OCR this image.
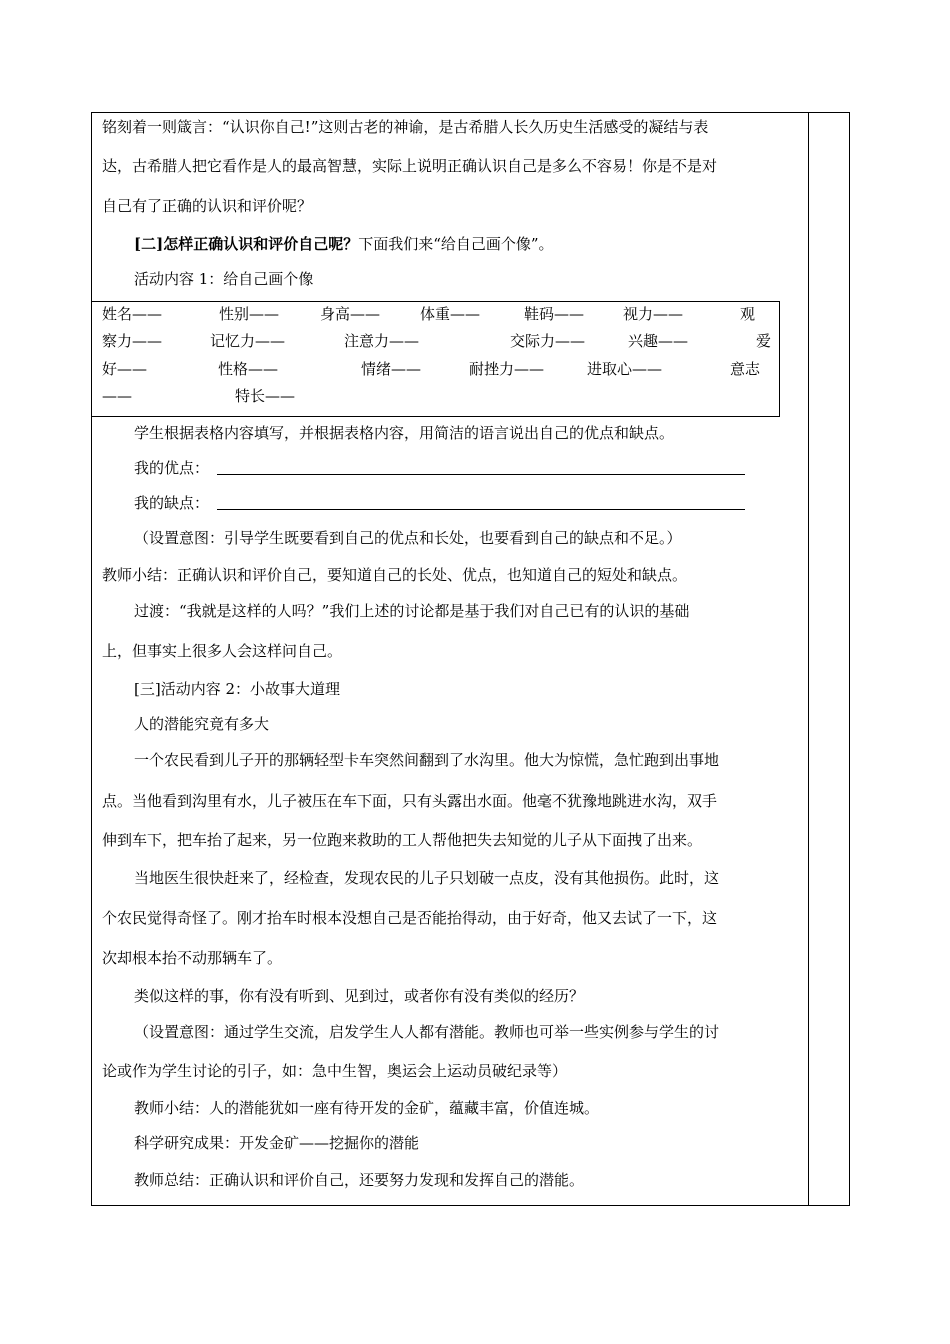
铭刻着一则箴言：“认识你自己!”这则古老的神谕，是古希腊人长久历史生活感受的凝结与表
达，古希腊人把它看作是人的最高智慧，实际上说明正确认识自己是多么不容易！你是不是对
自己有了正确的认识和评价呢？
[二]怎样正确认识和评价自己呢？下面我们来“给自己画个像”。
活动内容 1：给自己画个像
姓名——	性别——	身高——	体重——	鞋码——	视力——	观
察力——	记忆力——	注意力——	交际力——	兴趣——	爱
好——	性格——	情绪——	耐挫力——	进取心——	意志
——	特长——
学生根据表格内容填写，并根据表格内容，用简洁的语言说出自己的优点和缺点。
我的优点：
我的缺点：
（设置意图：引导学生既要看到自己的优点和长处，也要看到自己的缺点和不足。）
教师小结：正确认识和评价自己，要知道自己的长处、优点，也知道自己的短处和缺点。
过渡：“我就是这样的人吗？”我们上述的讨论都是基于我们对自己已有的认识的基础
上，但事实上很多人会这样问自己。
[三]活动内容 2：小故事大道理
人的潜能究竟有多大
一个农民看到儿子开的那辆轻型卡车突然间翻到了水沟里。他大为惊慌，急忙跑到出事地
点。当他看到沟里有水，儿子被压在车下面，只有头露出水面。他毫不犹豫地跳进水沟，双手
伸到车下，把车抬了起来，另一位跑来救助的工人帮他把失去知觉的儿子从下面拽了出来。
当地医生很快赶来了，经检查，发现农民的儿子只划破一点皮，没有其他损伤。此时，这
个农民觉得奇怪了。刚才抬车时根本没想自己是否能抬得动，由于好奇，他又去试了一下，这
次却根本抬不动那辆车了。
类似这样的事，你有没有听到、见到过，或者你有没有类似的经历？
（设置意图：通过学生交流，启发学生人人都有潜能。教师也可举一些实例参与学生的讨
论或作为学生讨论的引子，如：急中生智，奥运会上运动员破纪录等）
教师小结：人的潜能犹如一座有待开发的金矿，蕴藏丰富，价值连城。
科学研究成果：开发金矿——挖掘你的潜能
教师总结：正确认识和评价自己，还要努力发现和发挥自己的潜能。
